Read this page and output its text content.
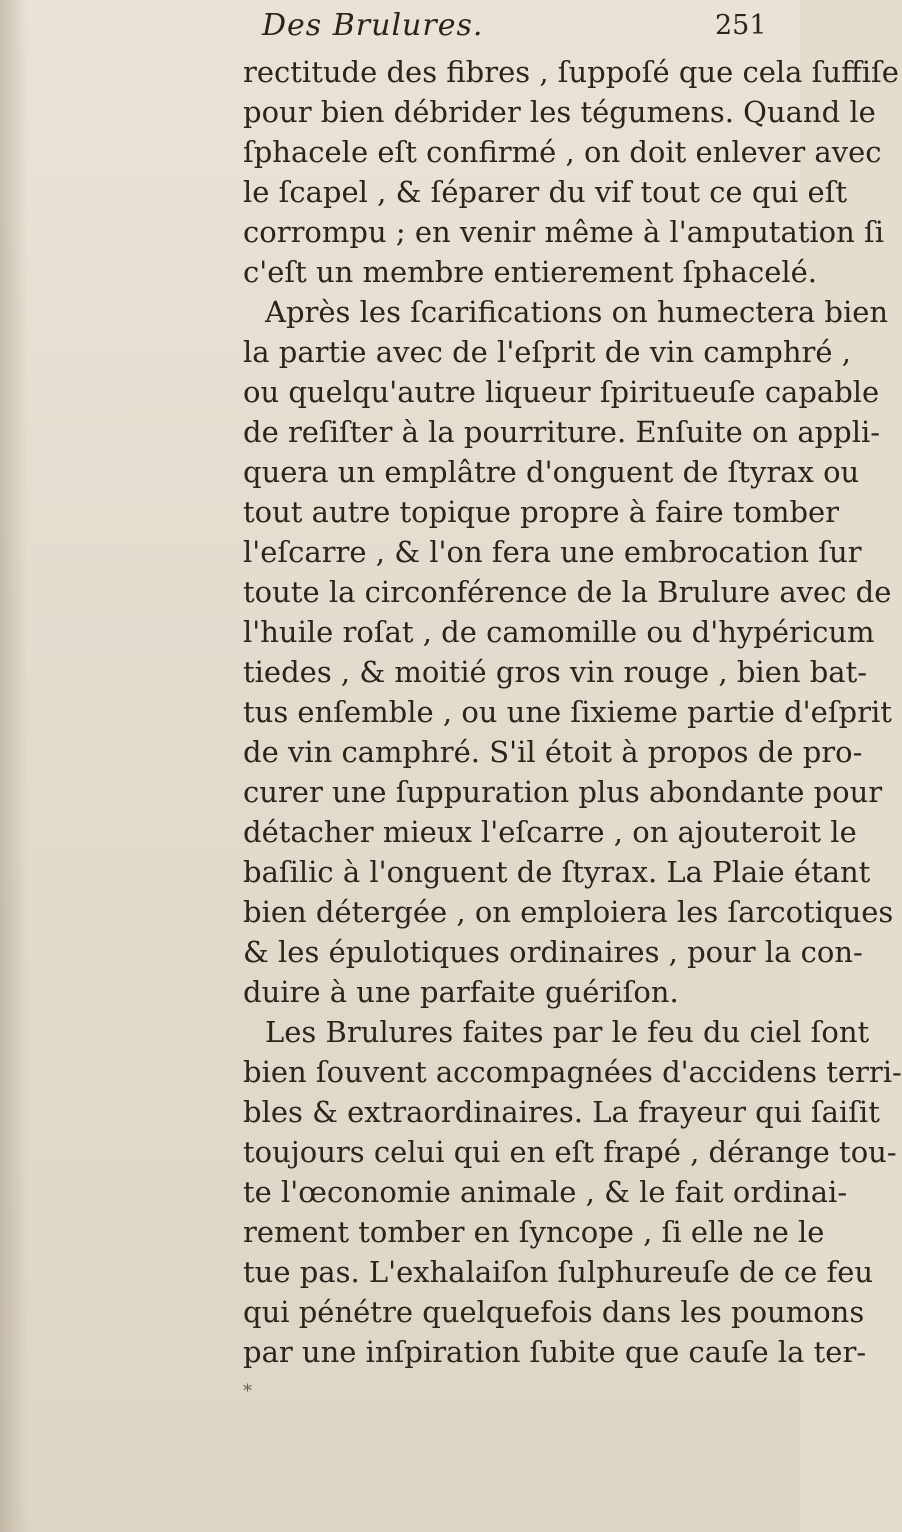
Des Brulures.	251
rectitude des fibres , ſuppoſé que cela ſuffiſe
pour bien débrider les tégumens. Quand le
ſphacele eſt confirmé , on doit enlever avec
le ſcapel , & ſéparer du vif tout ce qui eſt
corrompu ; en venir même à l'amputation ſi
c'eſt un membre entierement ſphacelé.
Après les ſcarifications on humectera bien
la partie avec de l'eſprit de vin camphré ,
ou quelqu'autre liqueur ſpiritueuſe capable
de reſiſter à la pourriture. Enſuite on appli-
quera un emplâtre d'onguent de ſtyrax ou
tout autre topique propre à faire tomber
l'eſcarre , & l'on fera une embrocation ſur
toute la circonférence de la Brulure avec de
l'huile roſat , de camomille ou d'hypéricum
tiedes , & moitié gros vin rouge , bien bat-
tus enſemble , ou une ſixieme partie d'eſprit
de vin camphré. S'il étoit à propos de pro-
curer une ſuppuration plus abondante pour
détacher mieux l'eſcarre , on ajouteroit le
baſilic à l'onguent de ſtyrax. La Plaie étant
bien détergée , on emploiera les ſarcotiques
& les épulotiques ordinaires , pour la con-
duire à une parfaite guériſon.
Les Brulures faites par le feu du ciel ſont
bien ſouvent accompagnées d'accidens terri-
bles & extraordinaires. La frayeur qui ſaiſit
toujours celui qui en eſt frapé , dérange tou-
te l'œconomie animale , & le fait ordinai-
rement tomber en ſyncope , ſi elle ne le
tue pas. L'exhalaiſon ſulphureuſe de ce feu
qui pénétre quelquefois dans les poumons
par une inſpiration ſubite que cauſe la ter-
*
